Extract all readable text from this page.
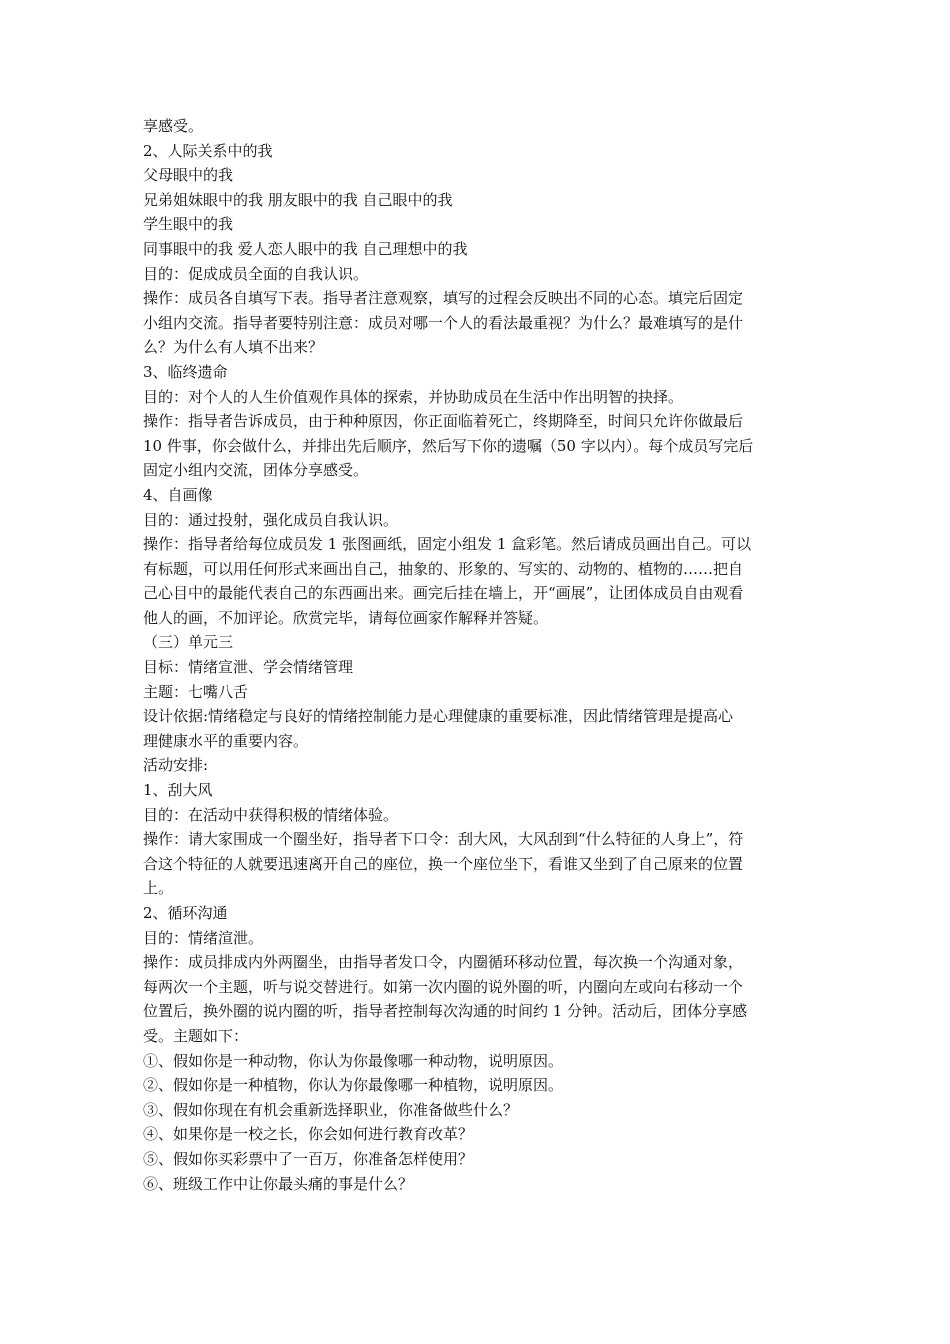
享感受。
2、人际关系中的我
父母眼中的我
兄弟姐妹眼中的我 朋友眼中的我 自己眼中的我
学生眼中的我
同事眼中的我 爱人恋人眼中的我 自己理想中的我
目的：促成成员全面的自我认识。
操作：成员各自填写下表。指导者注意观察，填写的过程会反映出不同的心态。填完后固定
小组内交流。指导者要特别注意：成员对哪一个人的看法最重视？为什么？最难填写的是什
么？为什么有人填不出来？
3、临终遗命
目的：对个人的人生价值观作具体的探索，并协助成员在生活中作出明智的抉择。
操作：指导者告诉成员，由于种种原因，你正面临着死亡，终期降至，时间只允许你做最后
10 件事，你会做什么，并排出先后顺序，然后写下你的遗嘱（50 字以内）。每个成员写完后
固定小组内交流，团体分享感受。
4、自画像
目的：通过投射，强化成员自我认识。
操作：指导者给每位成员发 1 张图画纸，固定小组发 1 盒彩笔。然后请成员画出自己。可以
有标题，可以用任何形式来画出自己，抽象的、形象的、写实的、动物的、植物的……把自
己心目中的最能代表自己的东西画出来。画完后挂在墙上，开“画展”，让团体成员自由观看
他人的画，不加评论。欣赏完毕，请每位画家作解释并答疑。
（三）单元三
目标：情绪宣泄、学会情绪管理
主题：七嘴八舌
设计依据:情绪稳定与良好的情绪控制能力是心理健康的重要标准，因此情绪管理是提高心
理健康水平的重要内容。
活动安排:
1、刮大风
目的：在活动中获得积极的情绪体验。
操作：请大家围成一个圈坐好，指导者下口令：刮大风，大风刮到“什么特征的人身上”，符
合这个特征的人就要迅速离开自己的座位，换一个座位坐下，看谁又坐到了自己原来的位置
上。
2、循环沟通
目的：情绪渲泄。
操作：成员排成内外两圈坐，由指导者发口令，内圈循环移动位置，每次换一个沟通对象，
每两次一个主题，听与说交替进行。如第一次内圈的说外圈的听，内圈向左或向右移动一个
位置后，换外圈的说内圈的听，指导者控制每次沟通的时间约 1 分钟。活动后，团体分享感
受。主题如下：
①、假如你是一种动物，你认为你最像哪一种动物，说明原因。
②、假如你是一种植物，你认为你最像哪一种植物，说明原因。
③、假如你现在有机会重新选择职业，你准备做些什么？
④、如果你是一校之长，你会如何进行教育改革？
⑤、假如你买彩票中了一百万，你准备怎样使用？
⑥、班级工作中让你最头痛的事是什么？
